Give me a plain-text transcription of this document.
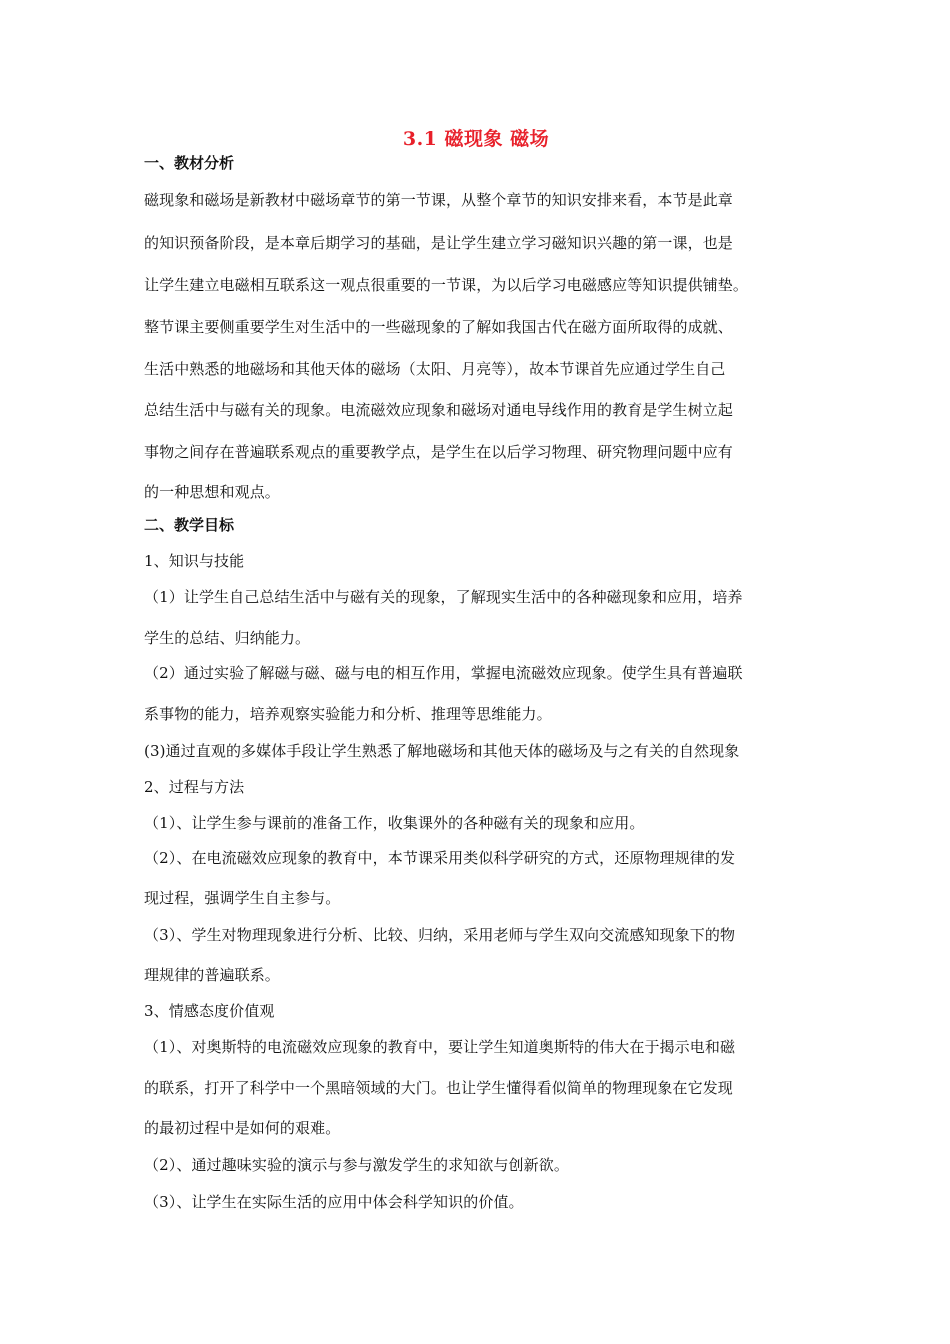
3.1 磁现象 磁场
一、教材分析
磁现象和磁场是新教材中磁场章节的第一节课，从整个章节的知识安排来看，本节是此章
的知识预备阶段，是本章后期学习的基础，是让学生建立学习磁知识兴趣的第一课，也是
让学生建立电磁相互联系这一观点很重要的一节课，为以后学习电磁感应等知识提供铺垫。
整节课主要侧重要学生对生活中的一些磁现象的了解如我国古代在磁方面所取得的成就、
生活中熟悉的地磁场和其他天体的磁场（太阳、月亮等），故本节课首先应通过学生自己
总结生活中与磁有关的现象。电流磁效应现象和磁场对通电导线作用的教育是学生树立起
事物之间存在普遍联系观点的重要教学点，是学生在以后学习物理、研究物理问题中应有
的一种思想和观点。
二、教学目标
1、知识与技能
（1）让学生自己总结生活中与磁有关的现象，了解现实生活中的各种磁现象和应用，培养
学生的总结、归纳能力。
（2）通过实验了解磁与磁、磁与电的相互作用，掌握电流磁效应现象。使学生具有普遍联
系事物的能力，培养观察实验能力和分析、推理等思维能力。
(3)通过直观的多媒体手段让学生熟悉了解地磁场和其他天体的磁场及与之有关的自然现象
2、过程与方法
（1）、让学生参与课前的准备工作，收集课外的各种磁有关的现象和应用。
（2）、在电流磁效应现象的教育中，本节课采用类似科学研究的方式，还原物理规律的发
现过程，强调学生自主参与。
（3）、学生对物理现象进行分析、比较、归纳，采用老师与学生双向交流感知现象下的物
理规律的普遍联系。
3、情感态度价值观
（1）、对奥斯特的电流磁效应现象的教育中，要让学生知道奥斯特的伟大在于揭示电和磁
的联系，打开了科学中一个黑暗领域的大门。也让学生懂得看似简单的物理现象在它发现
的最初过程中是如何的艰难。
（2）、通过趣味实验的演示与参与激发学生的求知欲与创新欲。
（3）、让学生在实际生活的应用中体会科学知识的价值。
